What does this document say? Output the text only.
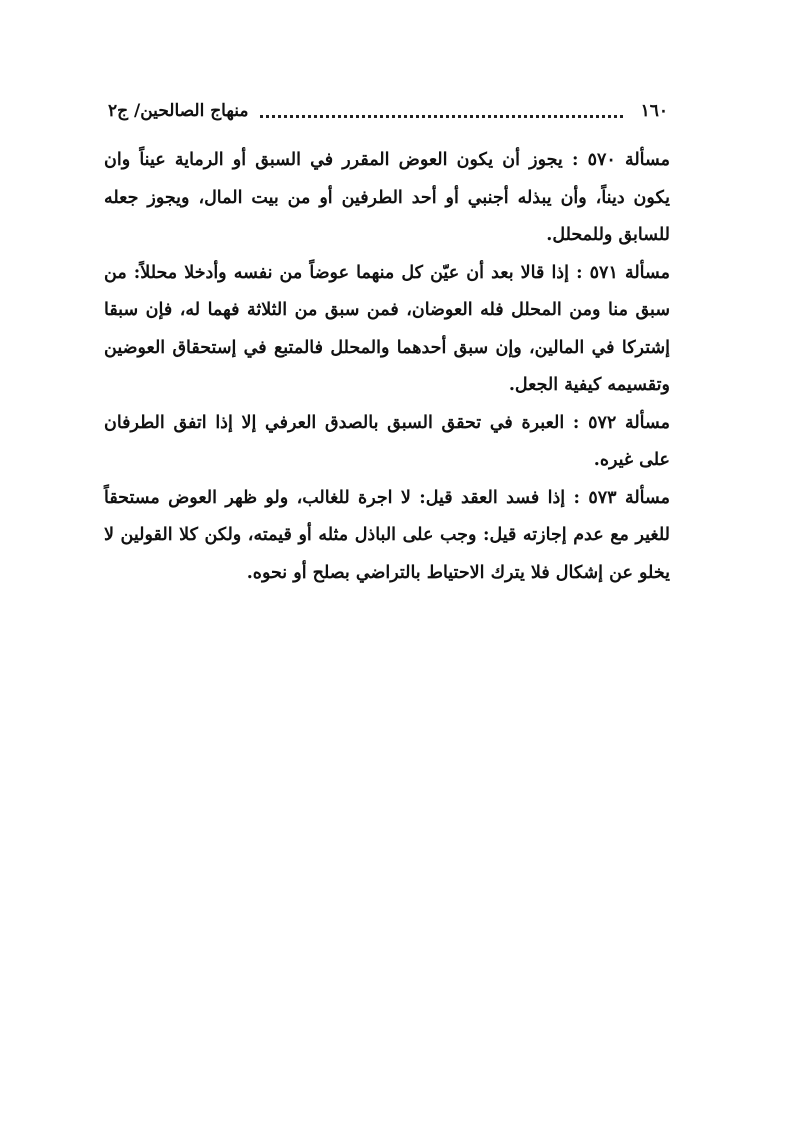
١٦٠
منهاج الصالحين/ ج٢

مسألة ٥٧٠ : يجوز أن يكون العوض المقرر في السبق أو الرماية عيناً وان يكون ديناً، وأن يبذله أجنبي أو أحد الطرفين أو من بيت المال، ويجوز جعله للسابق وللمحلل.

مسألة ٥٧١ : إذا قالا بعد أن عيّن كل منهما عوضاً من نفسه وأدخلا محللاً: من سبق منا ومن المحلل فله العوضان، فمن سبق من الثلاثة فهما له، فإن سبقا إشتركا في المالين، وإن سبق أحدهما والمحلل فالمتبع في إستحقاق العوضين وتقسيمه كيفية الجعل.

مسألة ٥٧٢ : العبرة في تحقق السبق بالصدق العرفي إلا إذا اتفق الطرفان على غيره.

مسألة ٥٧٣ : إذا فسد العقد قيل: لا اجرة للغالب، ولو ظهر العوض مستحقاً للغير مع عدم إجازته قيل: وجب على الباذل مثله أو قيمته، ولكن كلا القولين لا يخلو عن إشكال فلا يترك الاحتياط بالتراضي بصلح أو نحوه.
